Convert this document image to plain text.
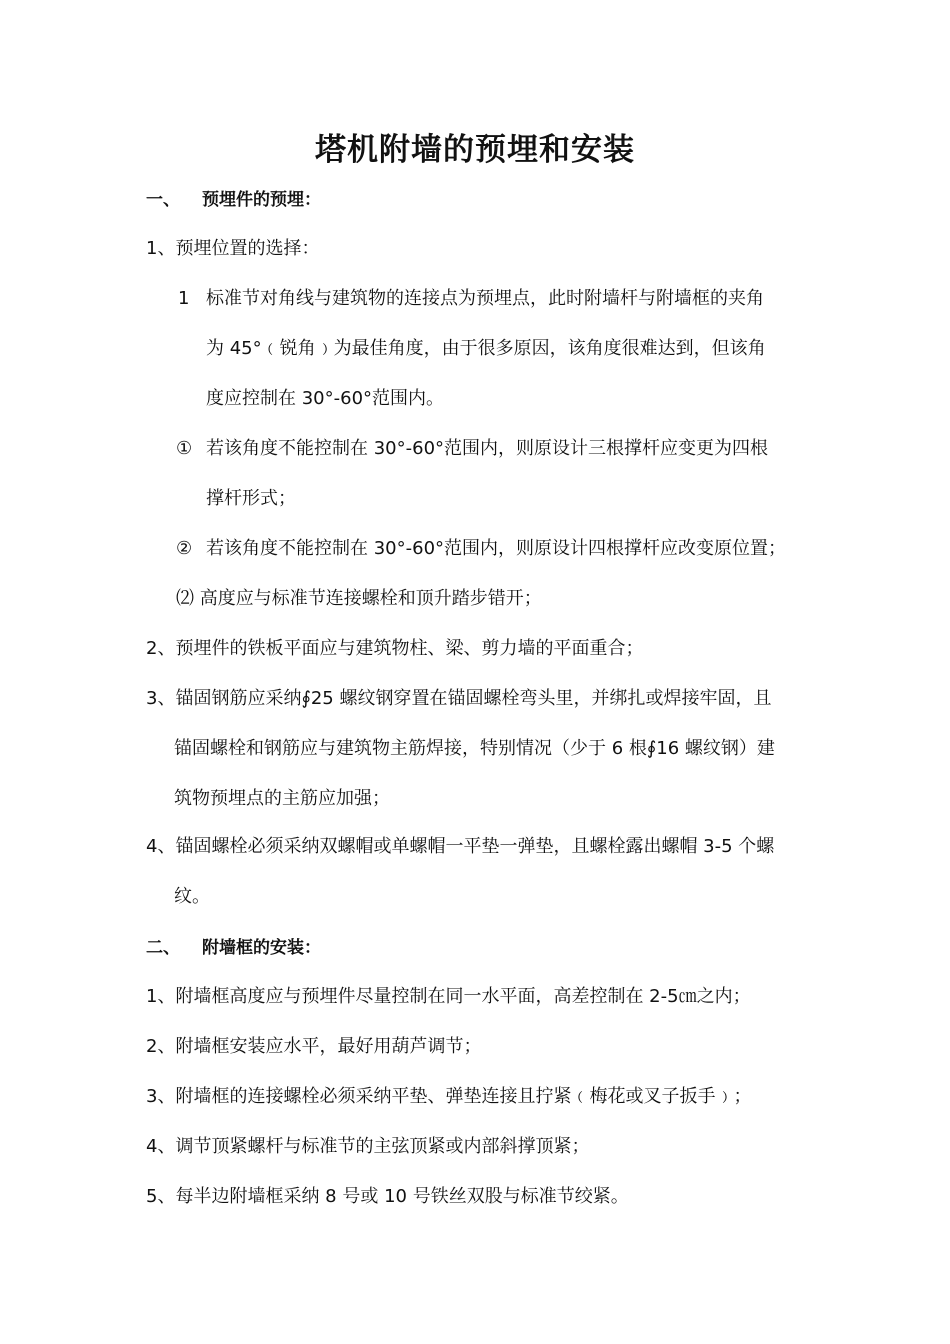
塔机附墙的预埋和安装
一、 预埋件的预埋：
1、预埋位置的选择：
1 标准节对角线与建筑物的连接点为预埋点，此时附墙杆与附墙框的夹角
为 45°﹙锐角﹚为最佳角度，由于很多原因，该角度很难达到，但该角
度应控制在 30°-60°范围内。
① 若该角度不能控制在 30°-60°范围内，则原设计三根撑杆应变更为四根
撑杆形式；
② 若该角度不能控制在 30°-60°范围内，则原设计四根撑杆应改变原位置；
⑵ 高度应与标准节连接螺栓和顶升踏步错开；
2、预埋件的铁板平面应与建筑物柱、梁、剪力墙的平面重合；
3、锚固钢筋应采纳∮25 螺纹钢穿置在锚固螺栓弯头里，并绑扎或焊接牢固，且
锚固螺栓和钢筋应与建筑物主筋焊接，特别情况（少于 6 根∮16 螺纹钢）建
筑物预埋点的主筋应加强；
4、锚固螺栓必须采纳双螺帽或单螺帽一平垫一弹垫，且螺栓露出螺帽 3-5 个螺
纹。
二、 附墙框的安装：
1、附墙框高度应与预埋件尽量控制在同一水平面，高差控制在 2-5㎝之内；
2、附墙框安装应水平，最好用葫芦调节；
3、附墙框的连接螺栓必须采纳平垫、弹垫连接且拧紧﹙梅花或叉子扳手﹚；
4、调节顶紧螺杆与标准节的主弦顶紧或内部斜撑顶紧；
5、每半边附墙框采纳 8 号或 10 号铁丝双股与标准节绞紧。
